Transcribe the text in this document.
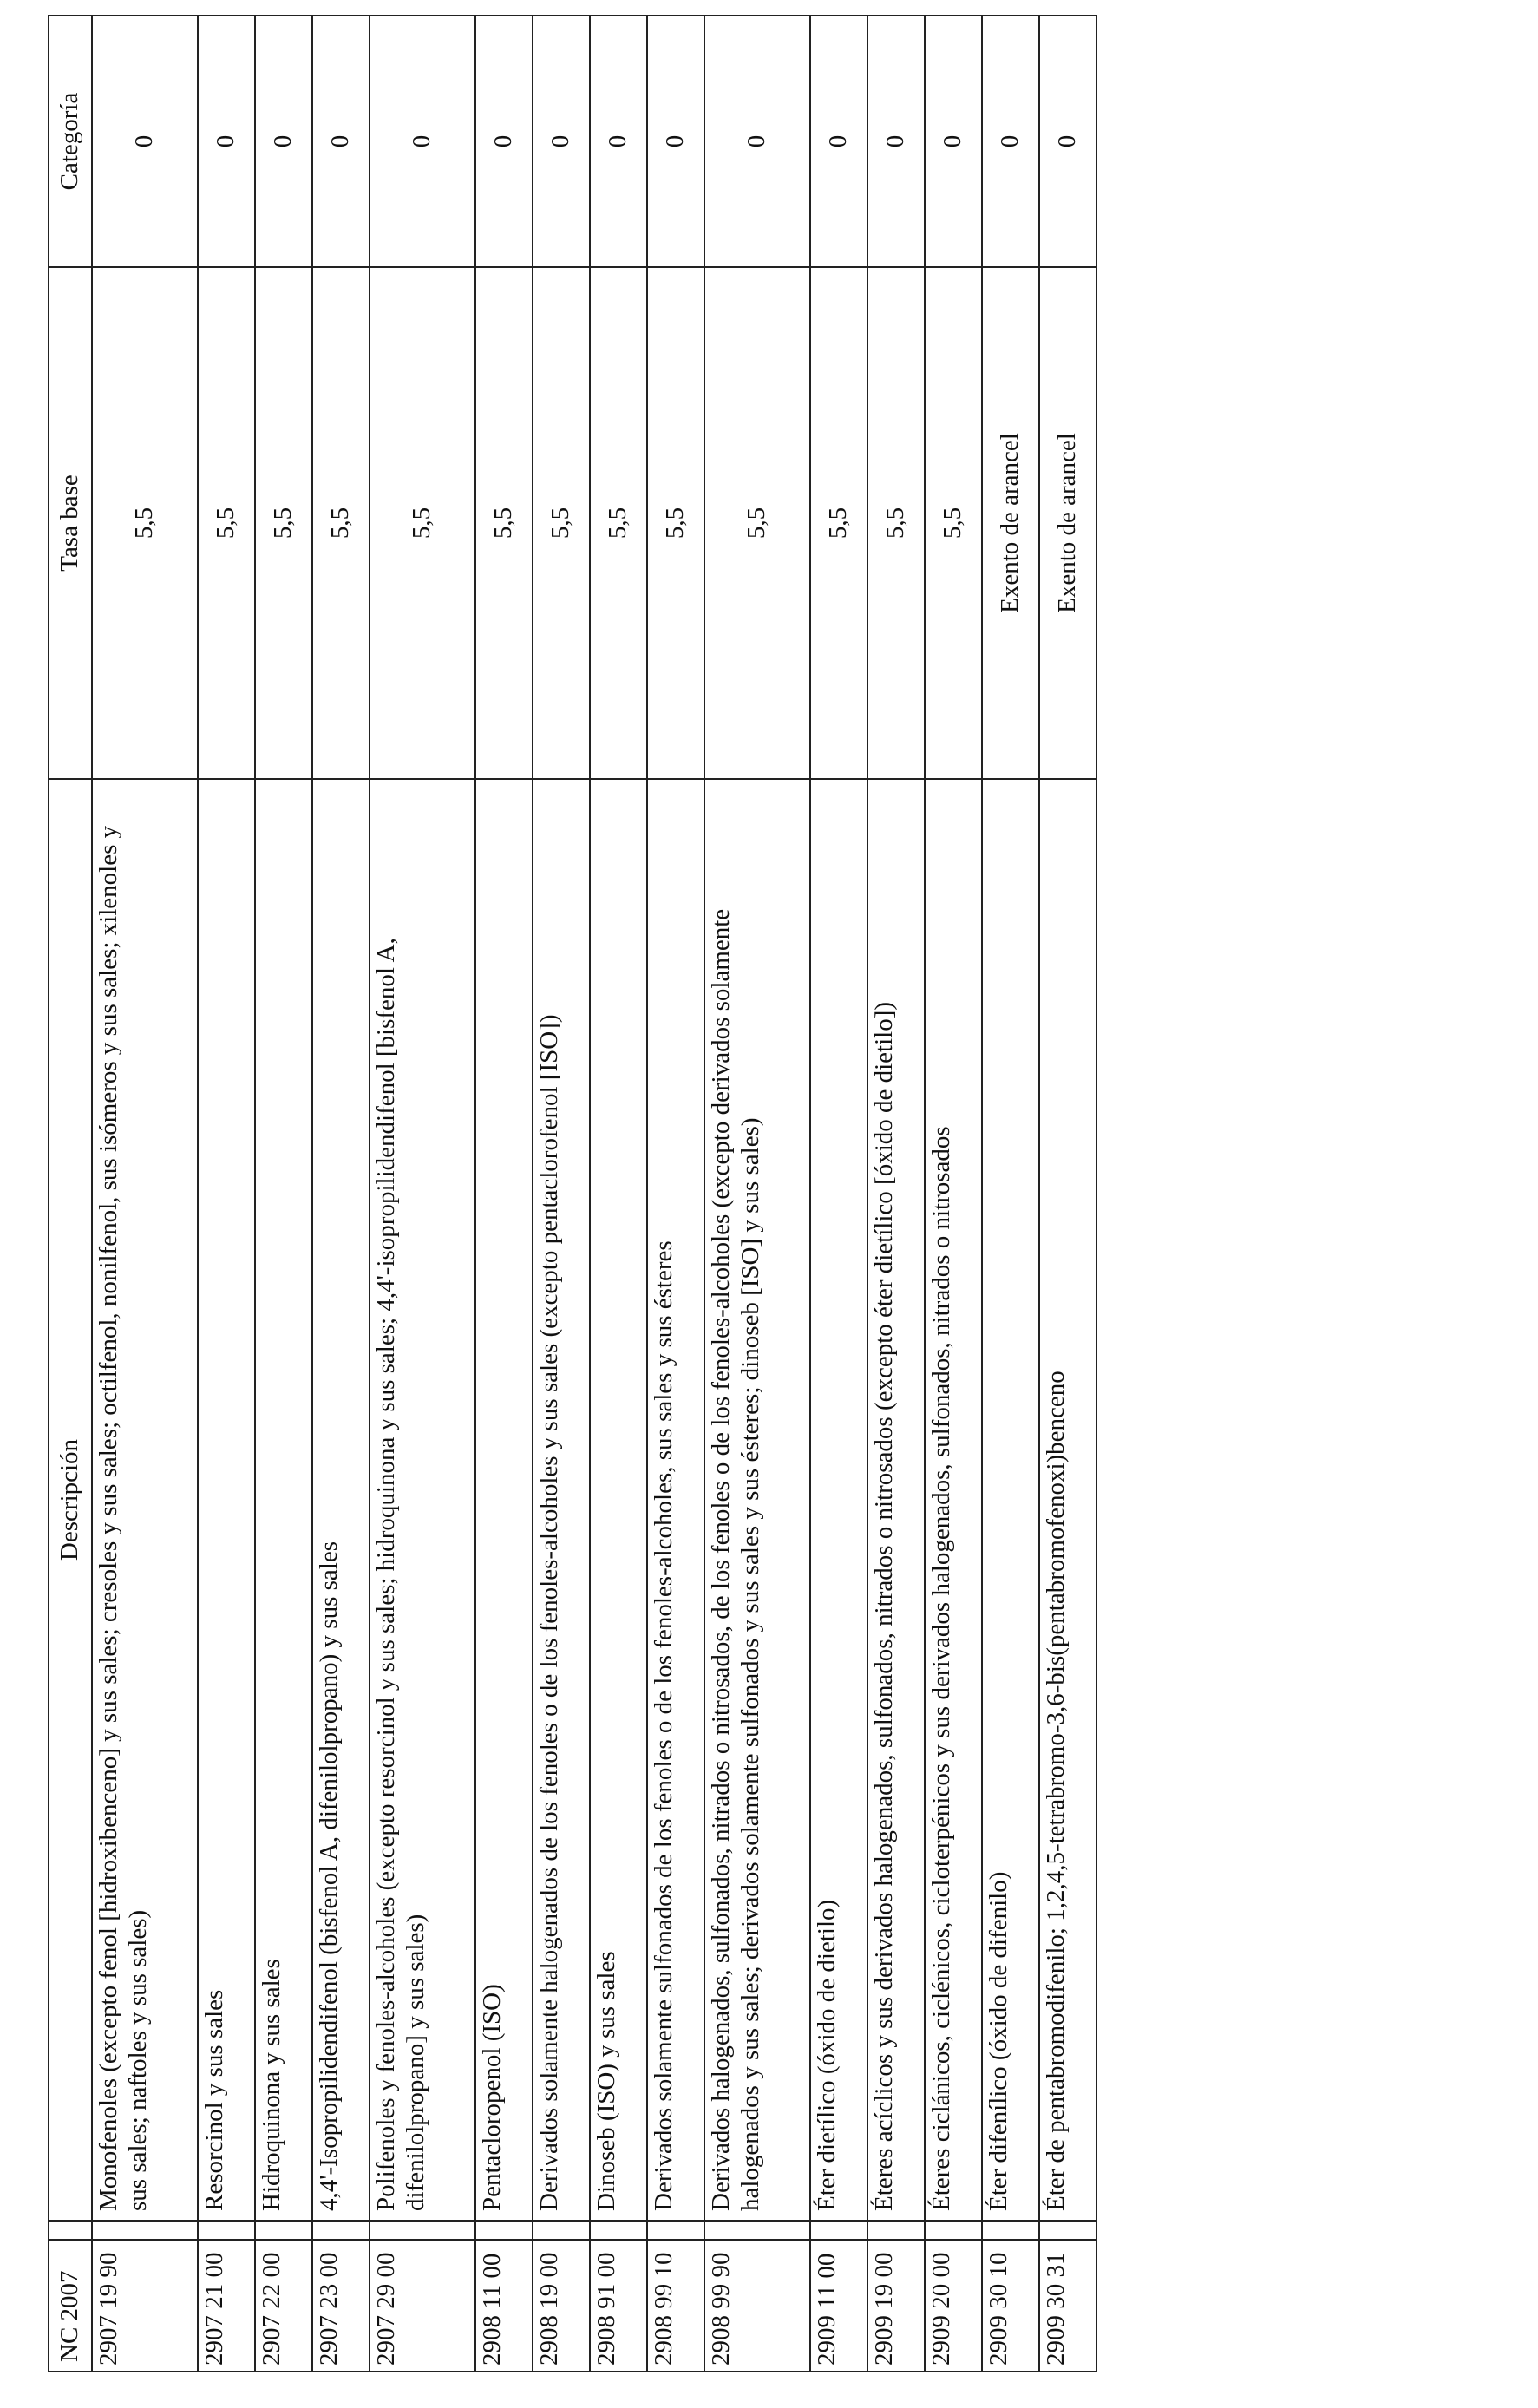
NC 2007		Descripción	Tasa base	Categoría
2907 19 90		Monofenoles (excepto fenol [hidroxibenceno] y sus sales; cresoles y sus sales; octilfenol, nonilfenol, sus isómeros y sus sales; xilenoles y sus sales; naftoles y sus sales)	5,5	0
2907 21 00		Resorcinol y sus sales	5,5	0
2907 22 00		Hidroquinona y sus sales	5,5	0
2907 23 00		4,4'-Isopropilidendifenol (bisfenol A, difenilolpropano) y sus sales	5,5	0
2907 29 00		Polifenoles y fenoles-alcoholes (excepto resorcinol y sus sales; hidroquinona y sus sales; 4,4'-isopropilidendifenol [bisfenol A, difenilolpropano] y sus sales)	5,5	0
2908 11 00		Pentacloropenol (ISO)	5,5	0
2908 19 00		Derivados solamente halogenados de los fenoles o de los fenoles-alcoholes y sus sales (excepto pentaclorofenol [ISO])	5,5	0
2908 91 00		Dinoseb (ISO) y sus sales	5,5	0
2908 99 10		Derivados solamente sulfonados de los fenoles o de los fenoles-alcoholes, sus sales y sus ésteres	5,5	0
2908 99 90		Derivados halogenados, sulfonados, nitrados o nitrosados, de los fenoles o de los fenoles-alcoholes (excepto derivados solamente halogenados y sus sales; derivados solamente sulfonados y sus sales y sus ésteres; dinoseb [ISO] y sus sales)	5,5	0
2909 11 00		Éter dietílico (óxido de dietilo)	5,5	0
2909 19 00		Éteres acíclicos y sus derivados halogenados, sulfonados, nitrados o nitrosados (excepto éter dietílico [óxido de dietilo])	5,5	0
2909 20 00		Éteres ciclánicos, ciclénicos, cicloterpénicos y sus derivados halogenados, sulfonados, nitrados o nitrosados	5,5	0
2909 30 10		Éter difenílico (óxido de difenilo)	Exento de arancel	0
2909 30 31		Éter de pentabromodifenilo; 1,2,4,5-tetrabromo-3,6-bis(pentabromofenoxi)benceno	Exento de arancel	0
